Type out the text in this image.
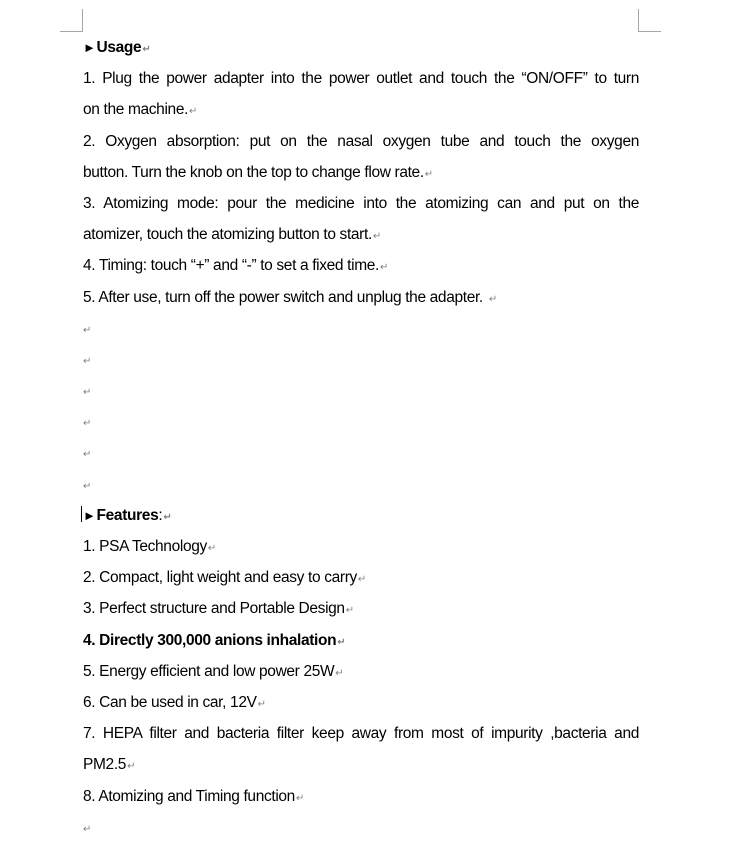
►Usage↵
1. Plug the power adapter into the power outlet and touch the “ON/OFF” to turn
on the machine.↵
2. Oxygen absorption: put on the nasal oxygen tube and touch the oxygen
button. Turn the knob on the top to change flow rate.↵
3. Atomizing mode: pour the medicine into the atomizing can and put on the
atomizer, touch the atomizing button to start.↵
4. Timing: touch “+” and “-” to set a fixed time.↵
5. After use, turn off the power switch and unplug the adapter. ↵
↵
↵
↵
↵
↵
↵
►Features:↵
1. PSA Technology↵
2. Compact, light weight and easy to carry↵
3. Perfect structure and Portable Design↵
4. Directly 300,000 anions inhalation↵
5. Energy efficient and low power 25W↵
6. Can be used in car, 12V↵
7. HEPA filter and bacteria filter keep away from most of impurity ,bacteria and
PM2.5↵
8. Atomizing and Timing function↵
↵
